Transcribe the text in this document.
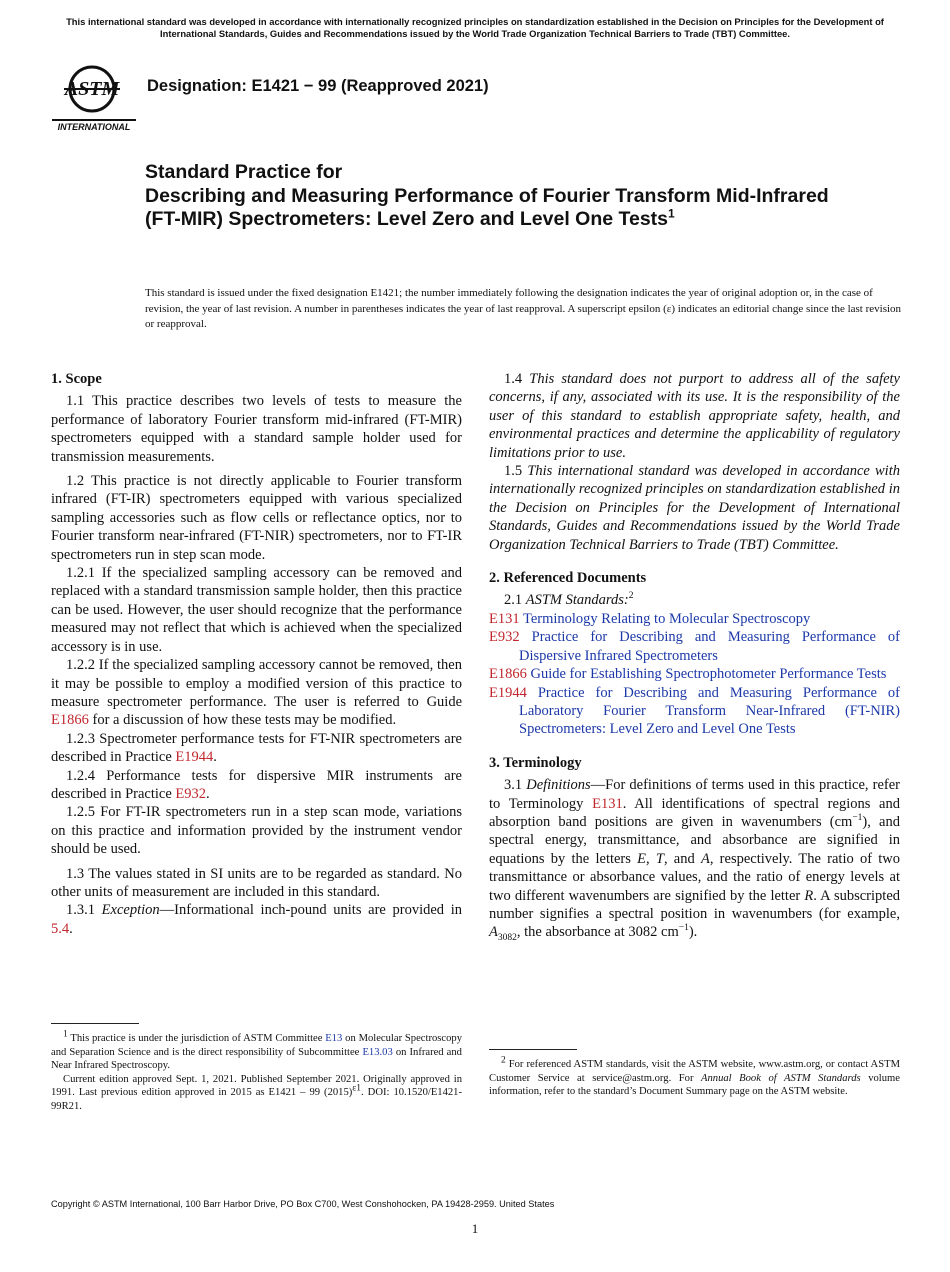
This international standard was developed in accordance with internationally recognized principles on standardization established in the Decision on Principles for the Development of International Standards, Guides and Recommendations issued by the World Trade Organization Technical Barriers to Trade (TBT) Committee.
ASTM
INTERNATIONAL
Designation: E1421 − 99 (Reapproved 2021)
Standard Practice for
Describing and Measuring Performance of Fourier Transform Mid-Infrared (FT-MIR) Spectrometers: Level Zero and Level One Tests$^1$
This standard is issued under the fixed designation E1421; the number immediately following the designation indicates the year of original adoption or, in the case of revision, the year of last revision. A number in parentheses indicates the year of last reapproval. A superscript epsilon (ε) indicates an editorial change since the last revision or reapproval.
1. Scope

1.1 This practice describes two levels of tests to measure the performance of laboratory Fourier transform mid-infrared (FT-MIR) spectrometers equipped with a standard sample holder used for transmission measurements.

1.2 This practice is not directly applicable to Fourier transform infrared (FT-IR) spectrometers equipped with various specialized sampling accessories such as flow cells or reflectance optics, nor to Fourier transform near-infrared (FT-NIR) spectrometers, nor to FT-IR spectrometers run in step scan mode.

1.2.1 If the specialized sampling accessory can be removed and replaced with a standard transmission sample holder, then this practice can be used. However, the user should recognize that the performance measured may not reflect that which is achieved when the specialized accessory is in use.

1.2.2 If the specialized sampling accessory cannot be removed, then it may be possible to employ a modified version of this practice to measure spectrometer performance. The user is referred to Guide E1866 for a discussion of how these tests may be modified.

1.2.3 Spectrometer performance tests for FT-NIR spectrometers are described in Practice E1944.

1.2.4 Performance tests for dispersive MIR instruments are described in Practice E932.

1.2.5 For FT-IR spectrometers run in a step scan mode, variations on this practice and information provided by the instrument vendor should be used.

1.3 The values stated in SI units are to be regarded as standard. No other units of measurement are included in this standard.

1.3.1 Exception—Informational inch-pound units are provided in 5.4.

1.4 This standard does not purport to address all of the safety concerns, if any, associated with its use. It is the responsibility of the user of this standard to establish appropriate safety, health, and environmental practices and determine the applicability of regulatory limitations prior to use.

1.5 This international standard was developed in accordance with internationally recognized principles on standardization established in the Decision on Principles for the Development of International Standards, Guides and Recommendations issued by the World Trade Organization Technical Barriers to Trade (TBT) Committee.

2. Referenced Documents

2.1 ASTM Standards:$^2$

E131 Terminology Relating to Molecular Spectroscopy
E932 Practice for Describing and Measuring Performance of Dispersive Infrared Spectrometers
E1866 Guide for Establishing Spectrophotometer Performance Tests
E1944 Practice for Describing and Measuring Performance of Laboratory Fourier Transform Near-Infrared (FT-NIR) Spectrometers: Level Zero and Level One Tests
3. Terminology

3.1 Definitions—For definitions of terms used in this practice, refer to Terminology E131. All identifications of spectral regions and absorption band positions are given in wavenumbers $(cm^{-1})$, and spectral energy, transmittance, and absorbance are signified in equations by the letters E, T, and A, respectively. The ratio of two transmittance or absorbance values, and the ratio of energy levels at two different wavenumbers are signified by the letter R. A subscripted number signifies a spectral position in wavenumbers (for example, $A_{3082}$, the absorbance at 3082 $cm^{-1}$).

$^1$ This practice is under the jurisdiction of ASTM Committee E13 on Molecular Spectroscopy and Separation Science and is the direct responsibility of Subcommittee E13.03 on Infrared and Near Infrared Spectroscopy.

Current edition approved Sept. 1, 2021. Published September 2021. Originally approved in 1991. Last previous edition approved in 2015 as E1421 – 99 $(2015)^{\varepsilon 1}$. DOI: 10.1520/E1421-99R21.

$^2$ For referenced ASTM standards, visit the ASTM website, www.astm.org, or contact ASTM Customer Service at service@astm.org. For Annual Book of ASTM Standards volume information, refer to the standard’s Document Summary page on the ASTM website.

Copyright © ASTM International, 100 Barr Harbor Drive, PO Box C700, West Conshohocken, PA 19428-2959. United States
1
